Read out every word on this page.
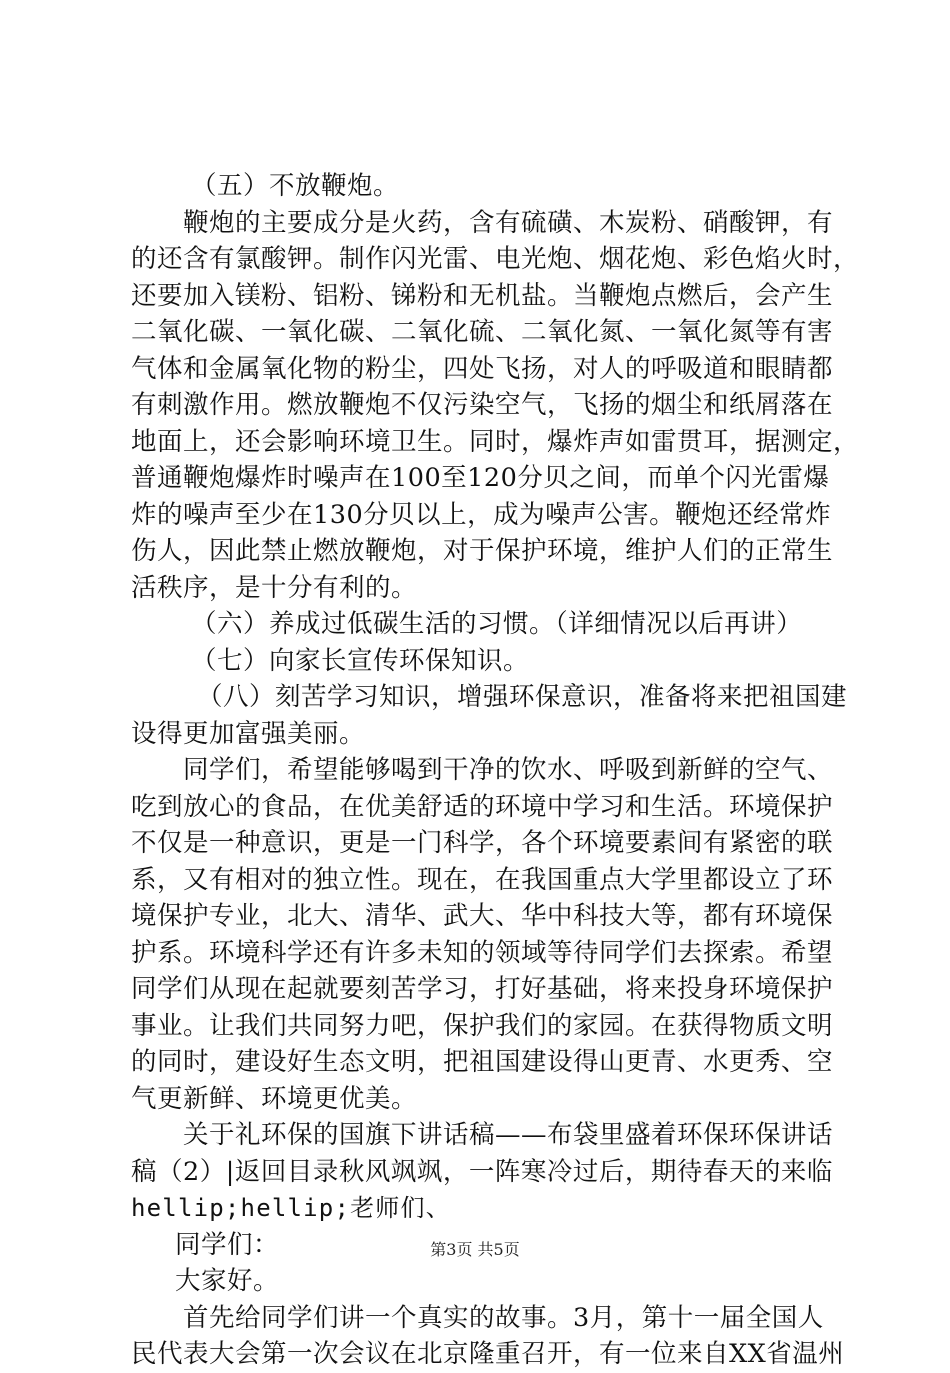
（五）不放鞭炮。
鞭炮的主要成分是火药，含有硫磺、木炭粉、硝酸钾，有
的还含有氯酸钾。制作闪光雷、电光炮、烟花炮、彩色焰火时，
还要加入镁粉、铝粉、锑粉和无机盐。当鞭炮点燃后，会产生
二氧化碳、一氧化碳、二氧化硫、二氧化氮、一氧化氮等有害
气体和金属氧化物的粉尘，四处飞扬，对人的呼吸道和眼睛都
有刺激作用。燃放鞭炮不仅污染空气，飞扬的烟尘和纸屑落在
地面上，还会影响环境卫生。同时，爆炸声如雷贯耳，据测定，
普通鞭炮爆炸时噪声在100至120分贝之间，而单个闪光雷爆
炸的噪声至少在130分贝以上，成为噪声公害。鞭炮还经常炸
伤人，因此禁止燃放鞭炮，对于保护环境，维护人们的正常生
活秩序，是十分有利的。
（六）养成过低碳生活的习惯。（详细情况以后再讲）
（七）向家长宣传环保知识。
（八）刻苦学习知识，增强环保意识，准备将来把祖国建
设得更加富强美丽。
同学们，希望能够喝到干净的饮水、呼吸到新鲜的空气、
吃到放心的食品，在优美舒适的环境中学习和生活。环境保护
不仅是一种意识，更是一门科学，各个环境要素间有紧密的联
系，又有相对的独立性。现在，在我国重点大学里都设立了环
境保护专业，北大、清华、武大、华中科技大等，都有环境保
护系。环境科学还有许多未知的领域等待同学们去探索。希望
同学们从现在起就要刻苦学习，打好基础，将来投身环境保护
事业。让我们共同努力吧，保护我们的家园。在获得物质文明
的同时，建设好生态文明，把祖国建设得山更青、水更秀、空
气更新鲜、环境更优美。
关于礼环保的国旗下讲话稿——布袋里盛着环保环保讲话
稿（2）|返回目录秋风飒飒，一阵寒冷过后，期待春天的来临
hellip;hellip;老师们、
同学们：
大家好。
首先给同学们讲一个真实的故事。3月，第十一届全国人
民代表大会第一次会议在北京隆重召开，有一位来自XX省温州
第3页 共5页
